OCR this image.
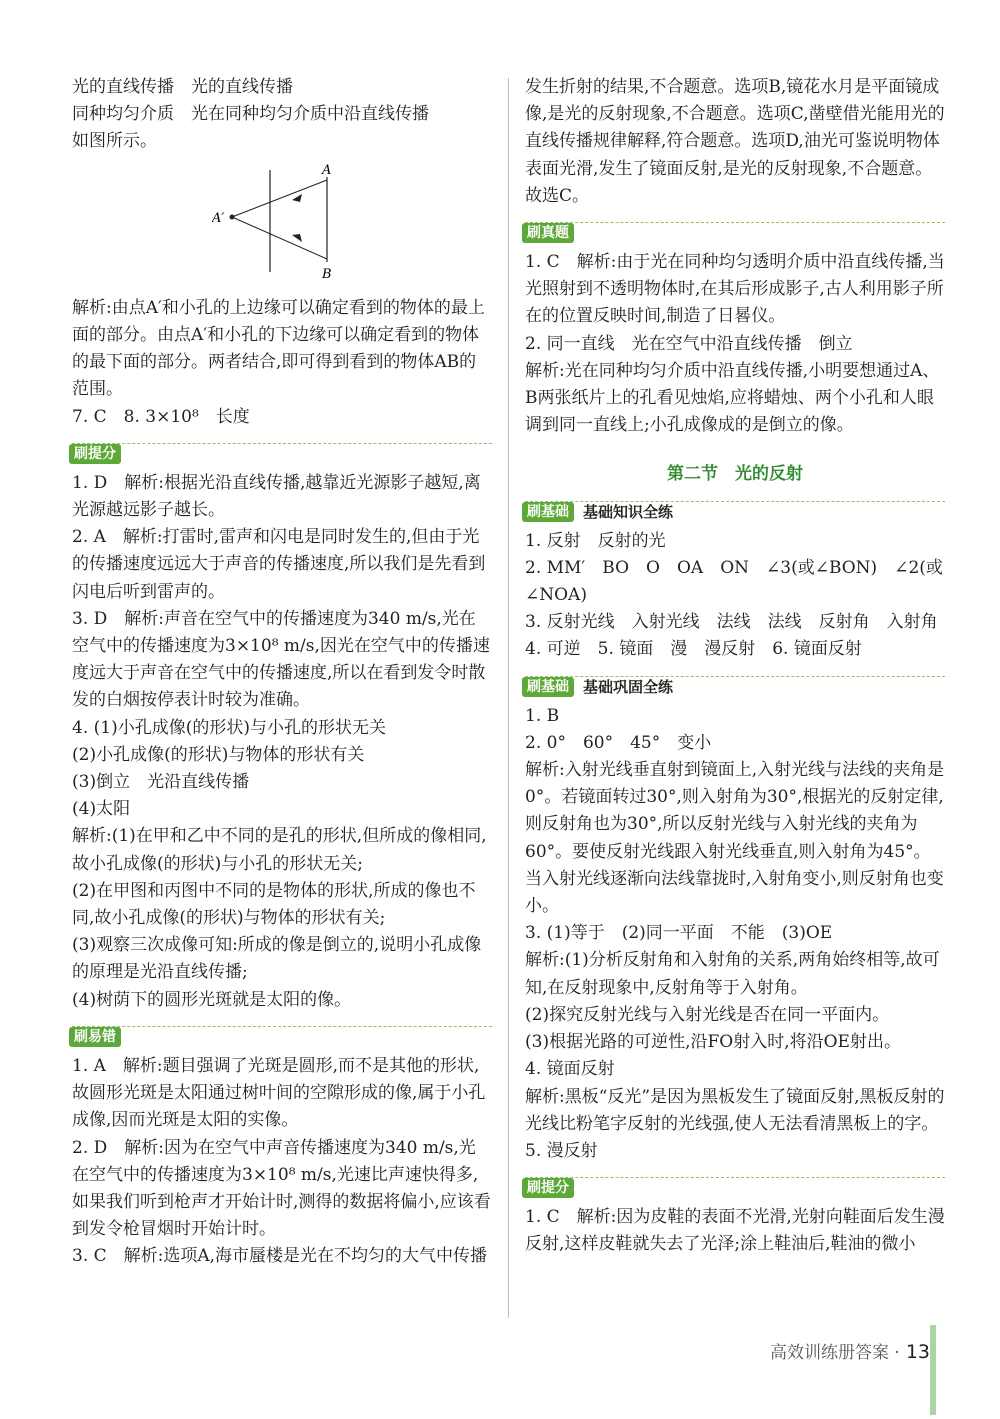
光的直线传播　光的直线传播

同种均匀介质　光在同种均匀介质中沿直线传播

如图所示。

A
B
A′

解析:由点A′和小孔的上边缘可以确定看到的物体的最上面的部分。由点A′和小孔的下边缘可以确定看到的物体的最下面的部分。两者结合,即可得到看到的物体AB的范围。

7. C　8. 3×10⁸　长度

刷提分

1. D　解析:根据光沿直线传播,越靠近光源影子越短,离光源越远影子越长。

2. A　解析:打雷时,雷声和闪电是同时发生的,但由于光的传播速度远远大于声音的传播速度,所以我们是先看到闪电后听到雷声的。

3. D　解析:声音在空气中的传播速度为340 m/s,光在空气中的传播速度为3×10⁸ m/s,因光在空气中的传播速度远大于声音在空气中的传播速度,所以在看到发令时散发的白烟按停表计时较为准确。

4. (1)小孔成像(的形状)与小孔的形状无关

(2)小孔成像(的形状)与物体的形状有关

(3)倒立　光沿直线传播

(4)太阳

解析:(1)在甲和乙中不同的是孔的形状,但所成的像相同,故小孔成像(的形状)与小孔的形状无关;

(2)在甲图和丙图中不同的是物体的形状,所成的像也不同,故小孔成像(的形状)与物体的形状有关;

(3)观察三次成像可知:所成的像是倒立的,说明小孔成像的原理是光沿直线传播;

(4)树荫下的圆形光斑就是太阳的像。

刷易错

1. A　解析:题目强调了光斑是圆形,而不是其他的形状,故圆形光斑是太阳通过树叶间的空隙形成的像,属于小孔成像,因而光斑是太阳的实像。

2. D　解析:因为在空气中声音传播速度为340 m/s,光在空气中的传播速度为3×10⁸ m/s,光速比声速快得多,如果我们听到枪声才开始计时,测得的数据将偏小,应该看到发令枪冒烟时开始计时。

3. C　解析:选项A,海市蜃楼是光在不均匀的大气中传播

发生折射的结果,不合题意。选项B,镜花水月是平面镜成像,是光的反射现象,不合题意。选项C,凿壁借光能用光的直线传播规律解释,符合题意。选项D,油光可鉴说明物体表面光滑,发生了镜面反射,是光的反射现象,不合题意。故选C。

刷真题

1. C　解析:由于光在同种均匀透明介质中沿直线传播,当光照射到不透明物体时,在其后形成影子,古人利用影子所在的位置反映时间,制造了日晷仪。

2. 同一直线　光在空气中沿直线传播　倒立

解析:光在同种均匀介质中沿直线传播,小明要想通过A、B两张纸片上的孔看见烛焰,应将蜡烛、两个小孔和人眼调到同一直线上;小孔成像成的是倒立的像。

第二节　光的反射
刷基础 基础知识全练

1. 反射　反射的光

2. MM′　BO　O　OA　ON　∠3(或∠BON)　∠2(或∠NOA)

3. 反射光线　入射光线　法线　法线　反射角　入射角

4. 可逆　5. 镜面　漫　漫反射　6. 镜面反射

刷基础 基础巩固全练

1. B

2. 0°　60°　45°　变小

解析:入射光线垂直射到镜面上,入射光线与法线的夹角是0°。若镜面转过30°,则入射角为30°,根据光的反射定律,则反射角也为30°,所以反射光线与入射光线的夹角为60°。要使反射光线跟入射光线垂直,则入射角为45°。当入射光线逐渐向法线靠拢时,入射角变小,则反射角也变小。

3. (1)等于　(2)同一平面　不能　(3)OE

解析:(1)分析反射角和入射角的关系,两角始终相等,故可知,在反射现象中,反射角等于入射角。

(2)探究反射光线与入射光线是否在同一平面内。

(3)根据光路的可逆性,沿FO射入时,将沿OE射出。

4. 镜面反射

解析:黑板“反光”是因为黑板发生了镜面反射,黑板反射的光线比粉笔字反射的光线强,使人无法看清黑板上的字。

5. 漫反射

刷提分

1. C　解析:因为皮鞋的表面不光滑,光射向鞋面后发生漫反射,这样皮鞋就失去了光泽;涂上鞋油后,鞋油的微小

高效训练册答案 · 13
